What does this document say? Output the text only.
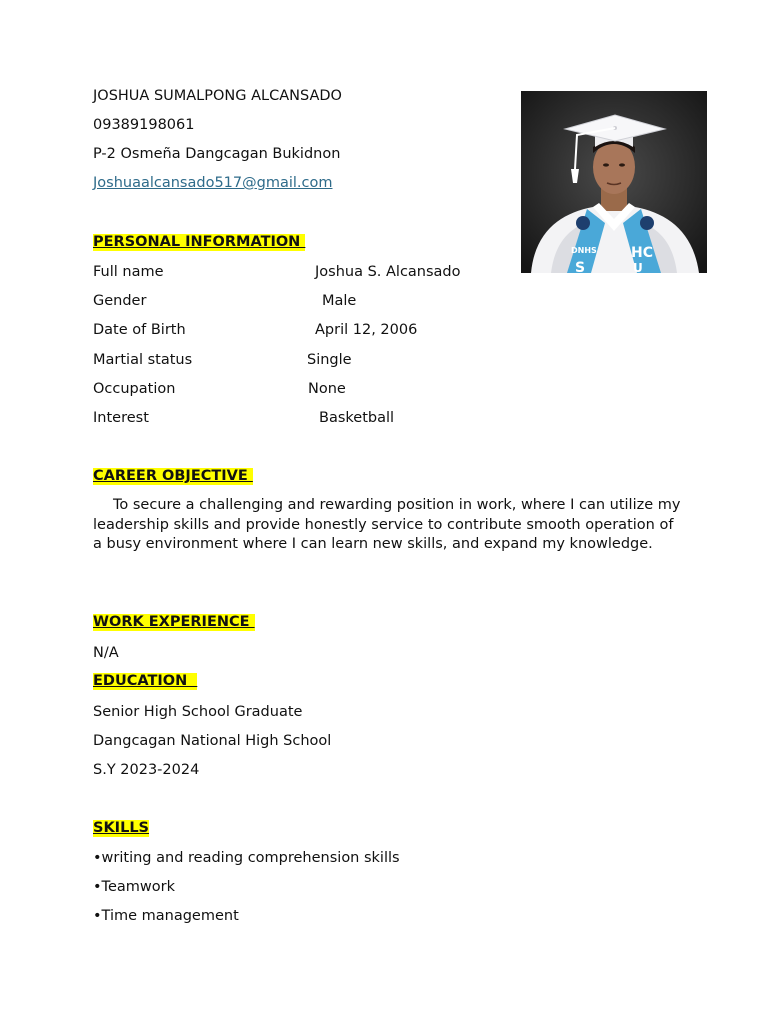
JOSHUA SUMALPONG ALCANSADO
09389198061
P-2 Osmeña Dangcagan Bukidnon
Joshuaalcansado517@gmail.com
DNHS
S
HC
U
PERSONAL INFORMATION
Full name	Joshua S. Alcansado
Gender	Male
Date of Birth	April 12, 2006
Martial status	Single
Occupation	None
Interest	Basketball
CAREER OBJECTIVE
To secure a challenging and rewarding position in work, where I can utilize my leadership skills and provide honestly service to contribute smooth operation of a busy environment where I can learn new skills, and expand my knowledge.
WORK EXPERIENCE
N/A
EDUCATION
Senior High School Graduate
Dangcagan National High School
S.Y 2023-2024
SKILLS
•writing and reading comprehension skills
•Teamwork
•Time management
